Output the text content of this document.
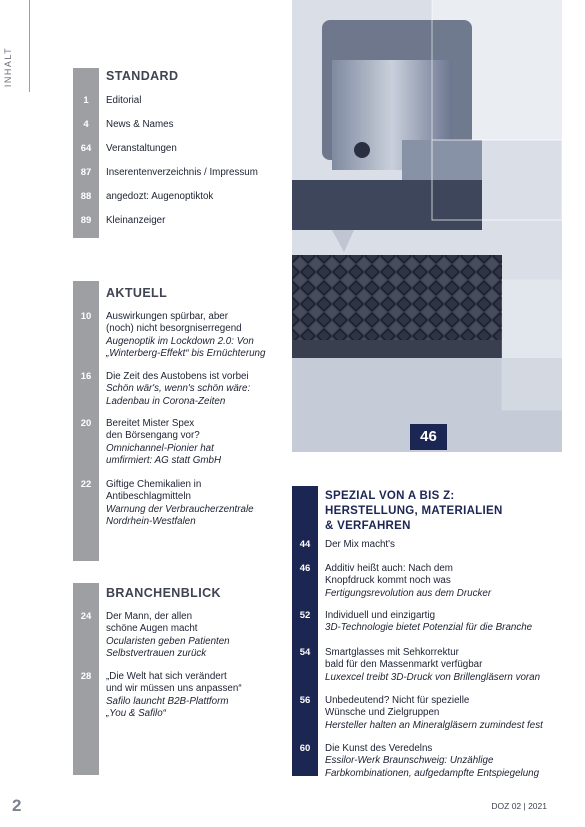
INHALT	STANDARD
1	Editorial
4	News & Names
64	Veranstaltungen
87	Inserentenverzeichnis / Impressum
88	angedozt: Augenoptiktok
89	Kleinanzeiger
AKTUELL
10	Auswirkungen spürbar, aber
(noch) nicht besorgniserregend
Augenoptik im Lockdown 2.0: Von
„Winterberg-Effekt“ bis Ernüchterung
16	Die Zeit des Austobens ist vorbei
Schön wär's, wenn's schön wäre:
Ladenbau in Corona-Zeiten
20	Bereitet Mister Spex
den Börsengang vor?
Omnichannel-Pionier hat
umfirmiert: AG statt GmbH
22	Giftige Chemikalien in
Antibeschlagmitteln
Warnung der Verbraucherzentrale
Nordrhein-Westfalen
BRANCHENBLICK
24	Der Mann, der allen
schöne Augen macht
Ocularisten geben Patienten
Selbstvertrauen zurück
28	„Die Welt hat sich verändert
und wir müssen uns anpassen“
Safilo launcht B2B-Plattform
„You & Safilo“
46
SPEZIAL VON A BIS Z:
HERSTELLUNG, MATERIALIEN
& VERFAHREN
44	Der Mix macht's
46	Additiv heißt auch: Nach dem
Knopfdruck kommt noch was
Fertigungsrevolution aus dem Drucker
52	Individuell und einzigartig
3D-Technologie bietet Potenzial für die Branche
54	Smartglasses mit Sehkorrektur
bald für den Massenmarkt verfügbar
Luxexcel treibt 3D-Druck von Brillengläsern voran
56	Unbedeutend? Nicht für spezielle
Wünsche und Zielgruppen
Hersteller halten an Mineralgläsern zumindest fest
60	Die Kunst des Veredelns
Essilor-Werk Braunschweig: Unzählige
Farbkombinationen, aufgedampfte Entspiegelung
2	DOZ 02 | 2021
